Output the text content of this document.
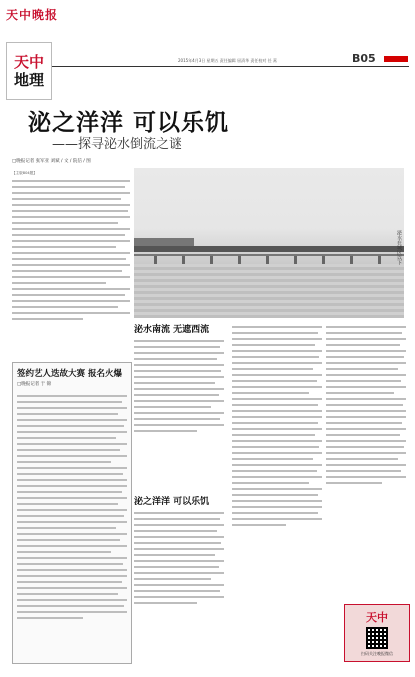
天中晚报
2015年4月3日 星期五 责任编辑 屈清华 责任校对 任 蒿	B05
天中
地理
泌之洋洋 可以乐饥
——探寻泌水倒流之谜
□晚报记者 张军亚 刘斌 / 文 / 院信 / 图
【主版804题】
泌水在城区以下
泌水南流 无遮西流
泌之洋洋 可以乐饥
签约艺人迭故大赛 报名火爆
□晚报记者 于 锦
天中
扫码关注晚报微信
